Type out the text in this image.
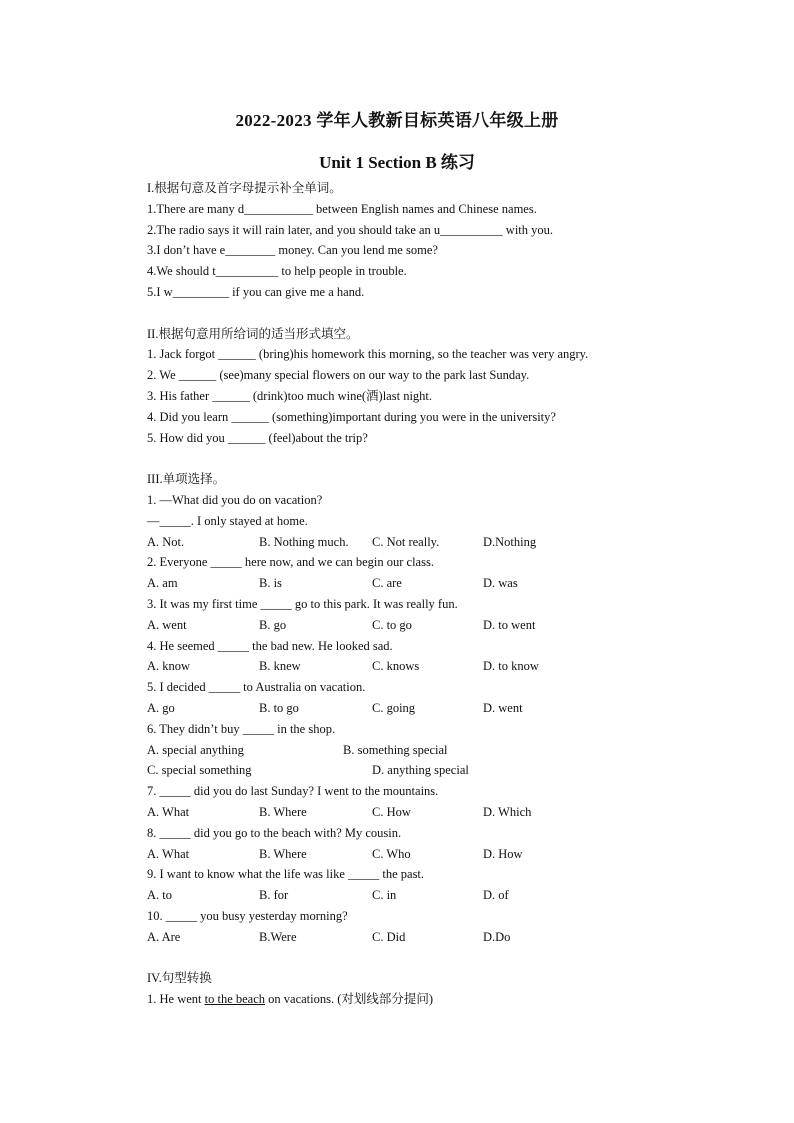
2022-2023 学年人教新目标英语八年级上册
Unit 1 Section B 练习
I.根据句意及首字母提示补全单词。
1.There are many d___________ between English names and Chinese names.
2.The radio says it will rain later, and you should take an u__________ with you.
3.I don’t have e________ money. Can you lend me some?
4.We should t__________ to help people in trouble.
5.I w_________ if you can give me a hand.
II.根据句意用所给词的适当形式填空。
1. Jack forgot ______ (bring)his homework this morning, so the teacher was very angry.
2. We ______ (see)many special flowers on our way to the park last Sunday.
3. His father ______ (drink)too much wine(酒)last night.
4. Did you learn ______ (something)important during you were in the university?
5. How did you ______ (feel)about the trip?
III.单项选择。
1. —What did you do on vacation?
—_____. I only stayed at home.
A. Not.	B. Nothing much. C. Not really.	D.Nothing
2. Everyone _____ here now, and we can begin our class.
A. am	B. is	C. are	D. was
3. It was my first time _____ go to this park. It was really fun.
A. went	B. go	C. to go	D. to went
4. He seemed _____ the bad new. He looked sad.
A. know	B. knew	C. knows	D. to know
5. I decided _____ to Australia on vacation.
A. go	B. to go	C. going	D. went
6. They didn’t buy _____ in the shop.
A. special anything	B. something special
C. special something	D. anything special
7. _____ did you do last Sunday? I went to the mountains.
A. What	B. Where	C. How	D. Which
8. _____ did you go to the beach with? My cousin.
A. What	B. Where	C. Who	D. How
9. I want to know what the life was like _____ the past.
A. to	B. for	C. in	D. of
10. _____ you busy yesterday morning?
A. Are	B.Were	C. Did	D.Do
IV.句型转换
1. He went to the beach on vacations. (对划线部分提问)
